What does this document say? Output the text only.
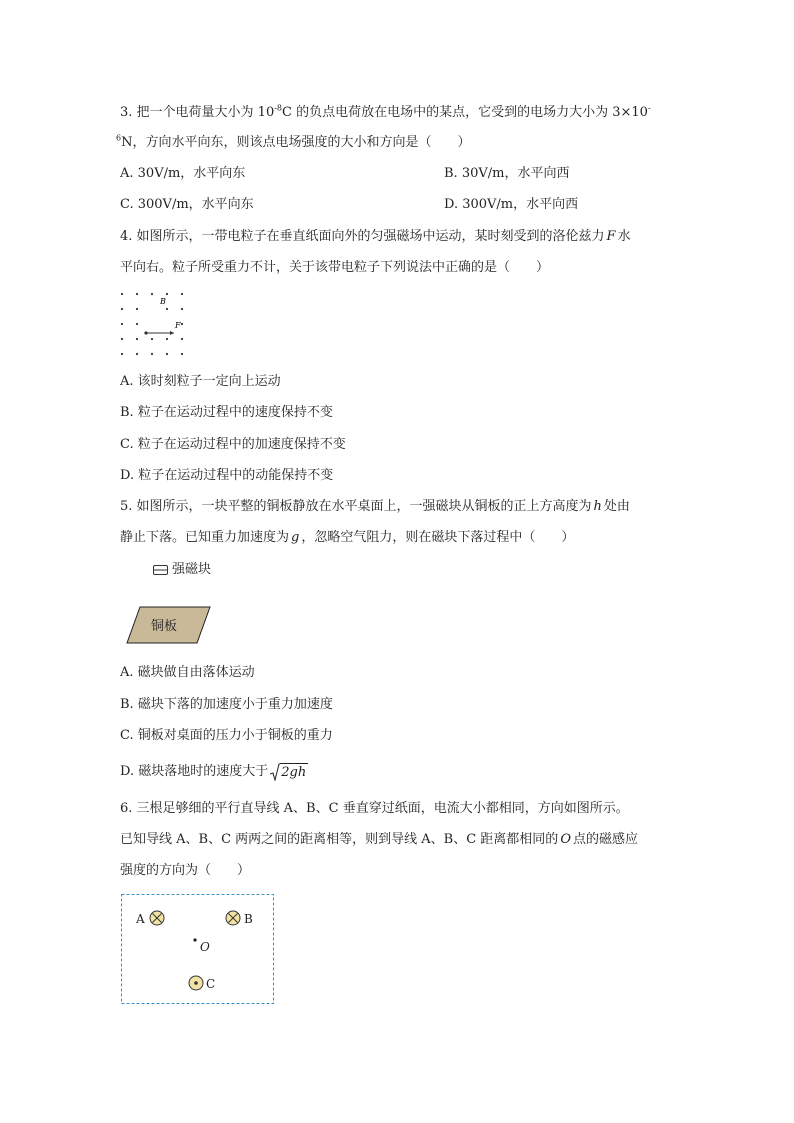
3. 把一个电荷量大小为 $10^{-8}C$ 的负点电荷放在电场中的某点，它受到的电场力大小为 3×10-
$^6$N，方向水平向东，则该点电场强度的大小和方向是（　　）
A. 30V/m，水平向东	B. 30V/m，水平向西
C. 300V/m，水平向东	D. 300V/m，水平向西
4. 如图所示，一带电粒子在垂直纸面向外的匀强磁场中运动，某时刻受到的洛伦兹力 F 水
平向右。粒子所受重力不计，关于该带电粒子下列说法中正确的是（　　）
B
F
A. 该时刻粒子一定向上运动
B. 粒子在运动过程中的速度保持不变
C. 粒子在运动过程中的加速度保持不变
D. 粒子在运动过程中的动能保持不变
5. 如图所示，一块平整的铜板静放在水平桌面上，一强磁块从铜板的正上方高度为 h 处由
静止下落。已知重力加速度为 g ，忽略空气阻力，则在磁块下落过程中（　　）
强磁块
铜板
A. 磁块做自由落体运动
B. 磁块下落的加速度小于重力加速度
C. 铜板对桌面的压力小于铜板的重力
D. 磁块落地时的速度大于 2gh
6. 三根足够细的平行直导线 A、B、C 垂直穿过纸面，电流大小都相同，方向如图所示。
已知导线 A、B、C 两两之间的距离相等，则到导线 A、B、C 距离都相同的 O 点的磁感应
强度的方向为（　　）
A	B
O
C
